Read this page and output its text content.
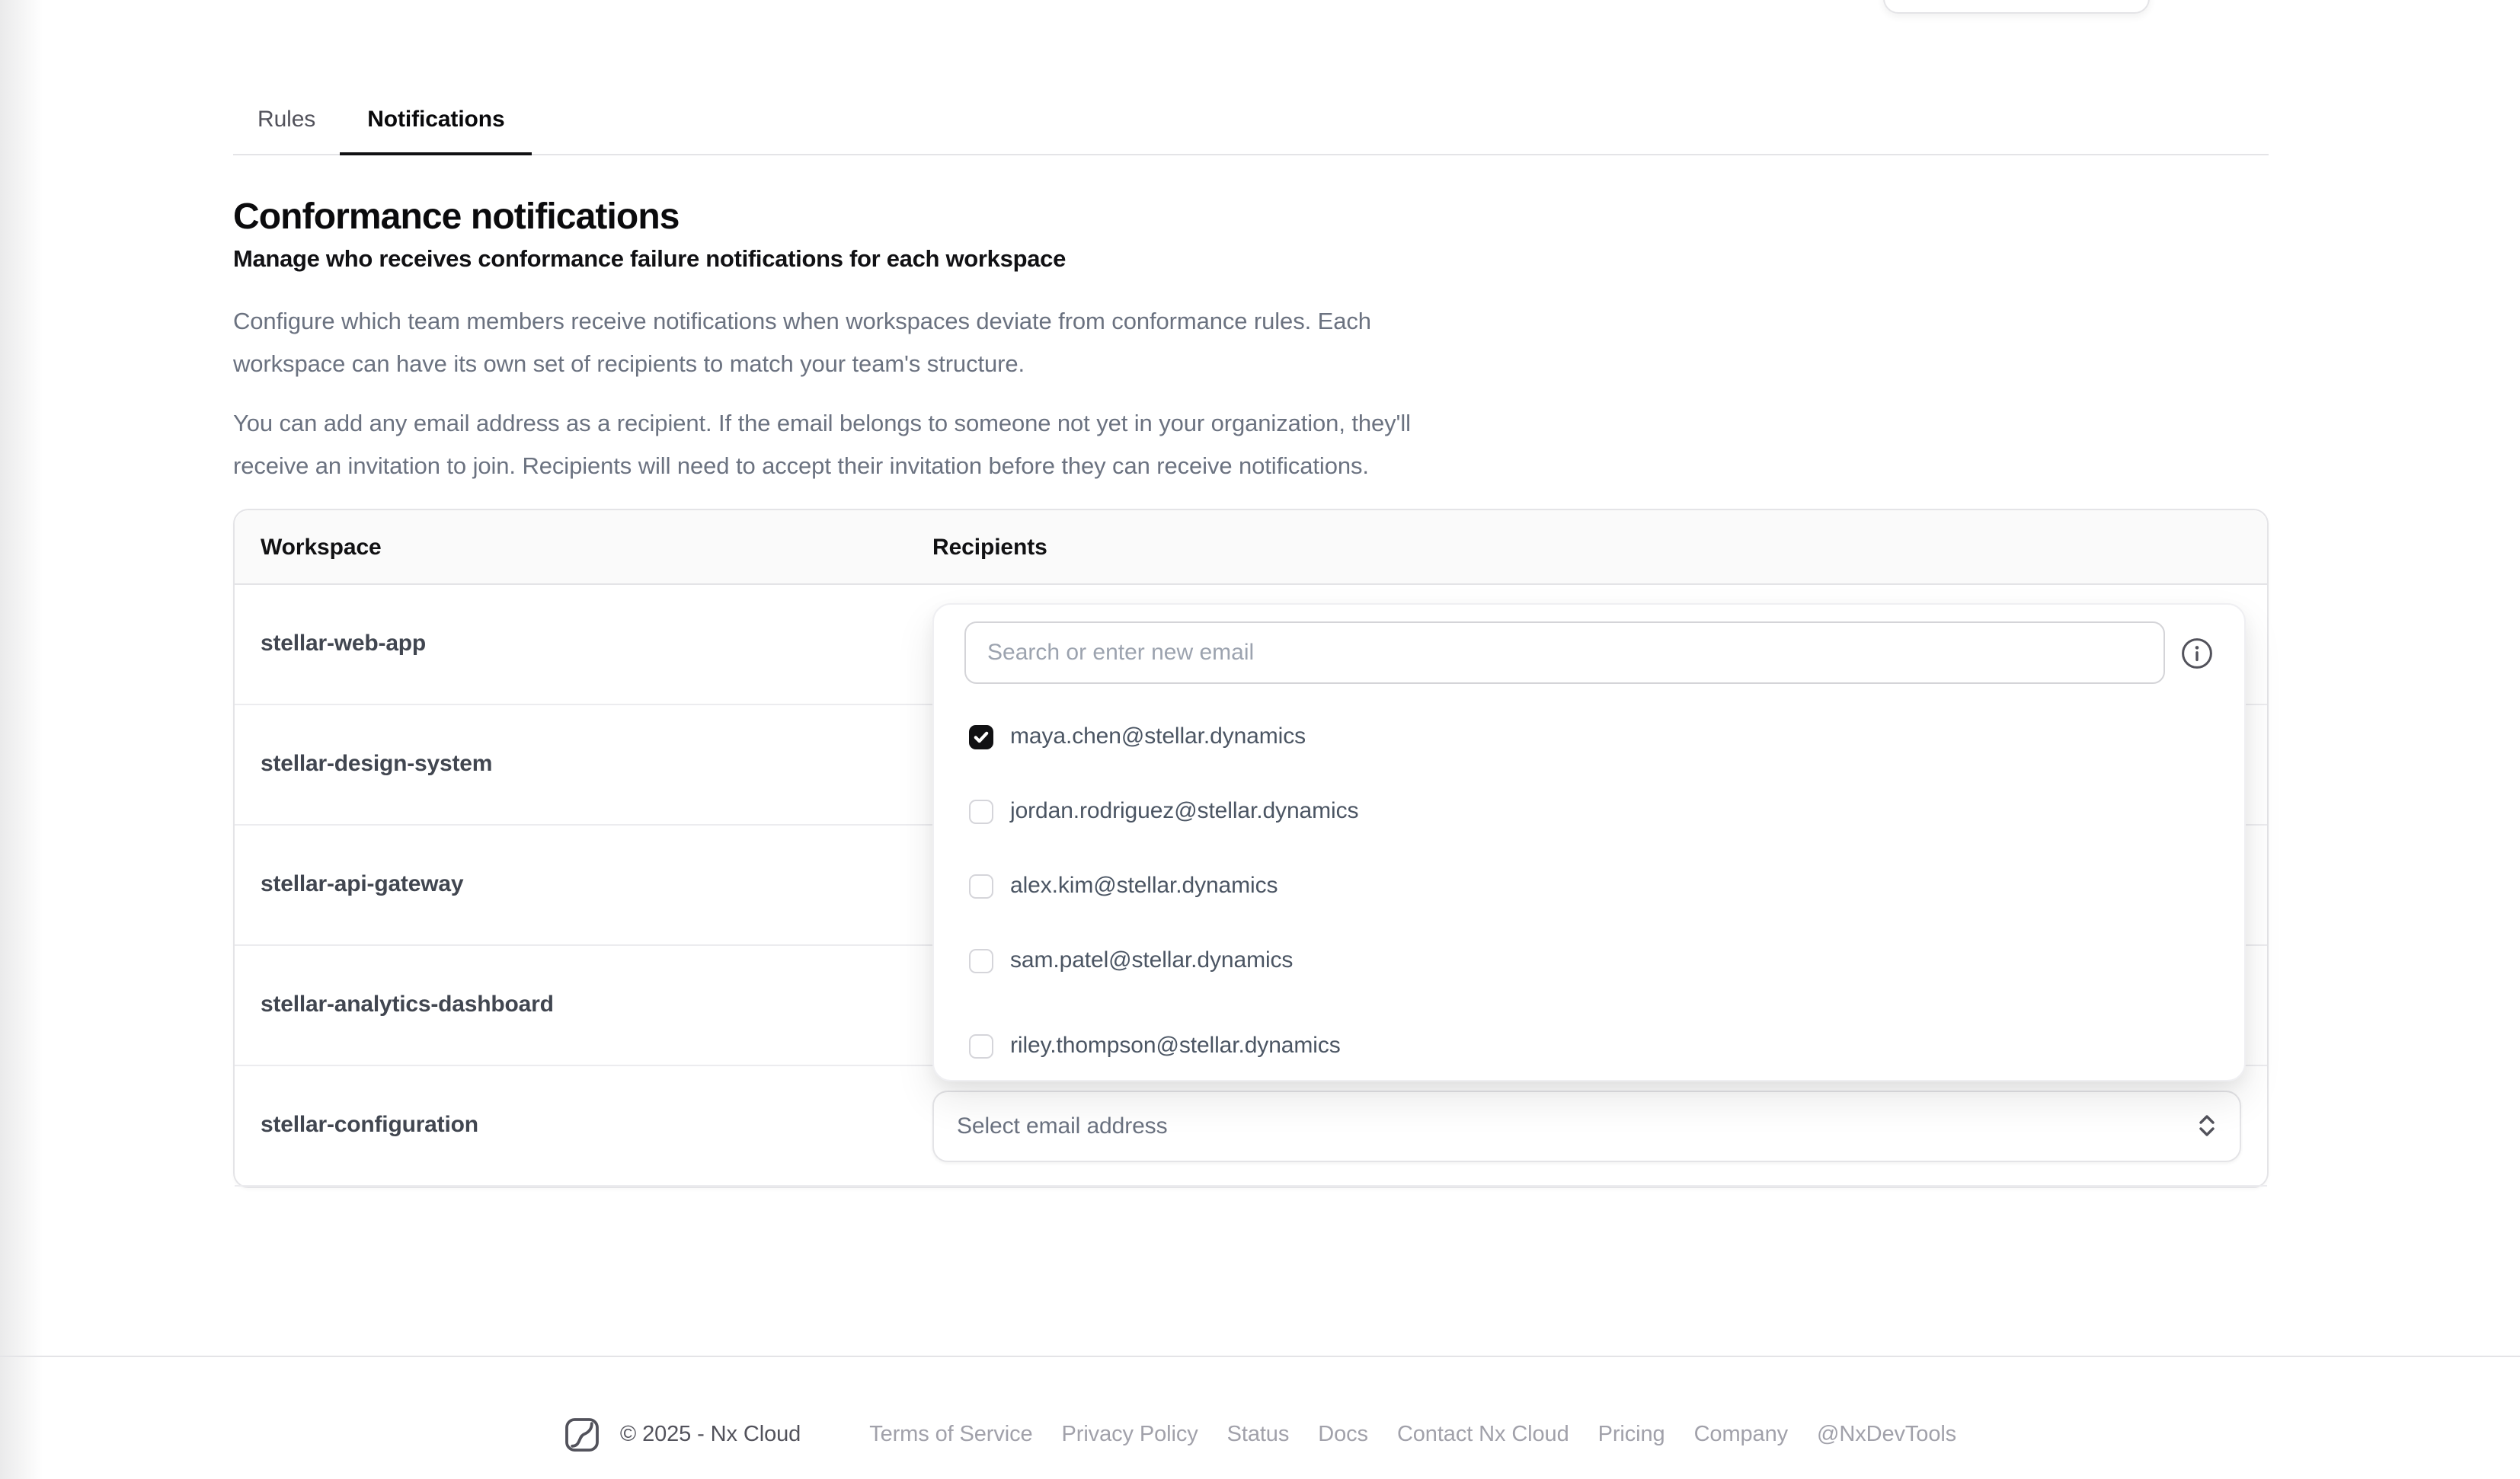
Rules	Notifications
Conformance notifications
Manage who receives conformance failure notifications for each workspace

Configure which team members receive notifications when workspaces deviate from conformance rules. Each workspace can have its own set of recipients to match your team's structure.

You can add any email address as a recipient. If the email belongs to someone not yet in your organization, they'll receive an invitation to join. Recipients will need to accept their invitation before they can receive notifications.

Workspace	Recipients
stellar-web-app
stellar-design-system
stellar-api-gateway
stellar-analytics-dashboard
stellar-configuration	Select email address
Search or enter new email
maya.chen@stellar.dynamics
jordan.rodriguez@stellar.dynamics
alex.kim@stellar.dynamics
sam.patel@stellar.dynamics
riley.thompson@stellar.dynamics
© 2025 - Nx Cloud	Terms of Service	Privacy Policy	Status	Docs	Contact Nx Cloud	Pricing	Company	@NxDevTools
